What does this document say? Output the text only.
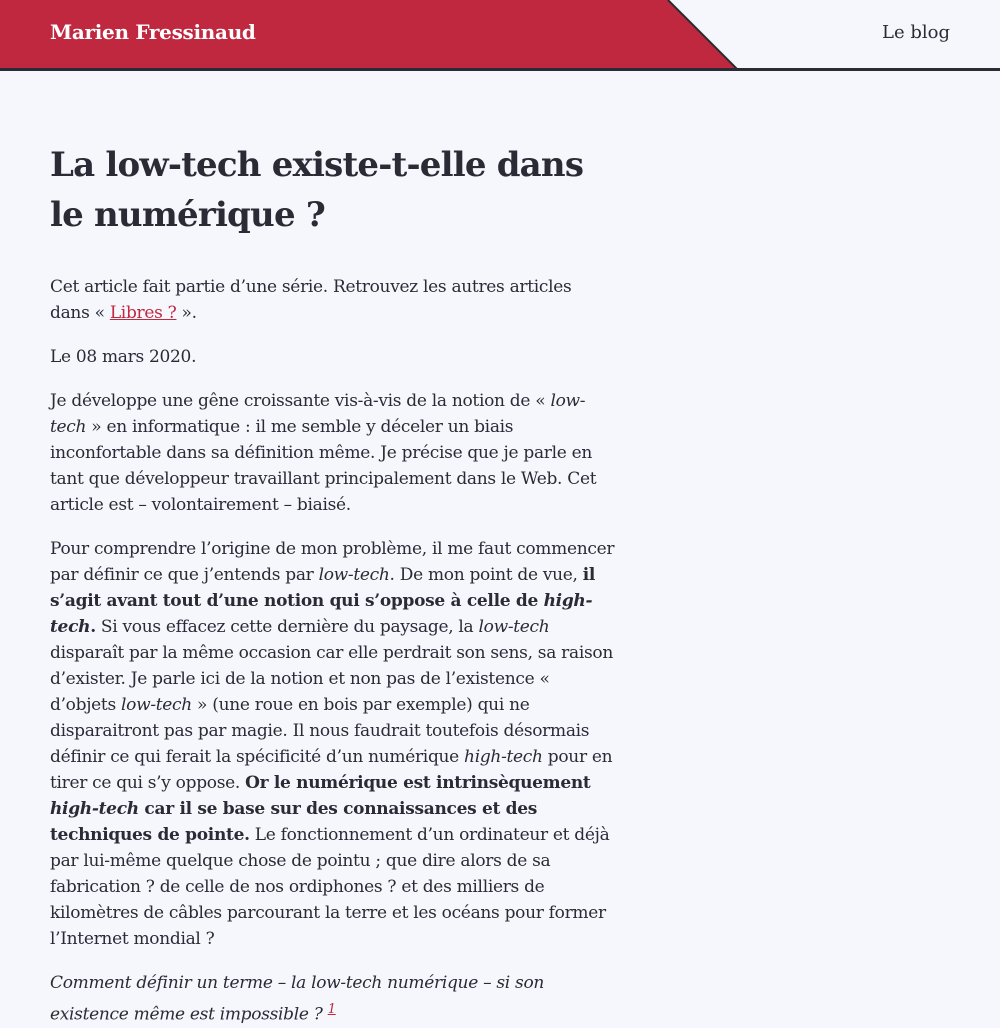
Marien Fressinaud	Le blog
La low-tech existe-t-elle dans le numérique ?

Cet article fait partie d’une série. Retrouvez les autres articles dans « Libres ? ».

Le 08 mars 2020.

Je développe une gêne croissante vis-à-vis de la notion de « low-tech » en informatique : il me semble y déceler un biais inconfortable dans sa définition même. Je précise que je parle en tant que développeur travaillant principalement dans le Web. Cet article est – volontairement – biaisé.

Pour comprendre l’origine de mon problème, il me faut commencer par définir ce que j’entends par low-tech. De mon point de vue, il s’agit avant tout d’une notion qui s’oppose à celle de high-tech. Si vous effacez cette dernière du paysage, la low-tech disparaît par la même occasion car elle perdrait son sens, sa raison d’exister. Je parle ici de la notion et non pas de l’existence « d’objets low-tech » (une roue en bois par exemple) qui ne disparaitront pas par magie. Il nous faudrait toutefois désormais définir ce qui ferait la spécificité d’un numérique high-tech pour en tirer ce qui s’y oppose. Or le numérique est intrinsèquement high-tech car il se base sur des connaissances et des techniques de pointe. Le fonctionnement d’un ordinateur et déjà par lui-même quelque chose de pointu ; que dire alors de sa fabrication ? de celle de nos ordiphones ? et des milliers de kilomètres de câbles parcourant la terre et les océans pour former l’Internet mondial ?

Comment définir un terme – la low-tech numérique – si son existence même est impossible ? $^1$
